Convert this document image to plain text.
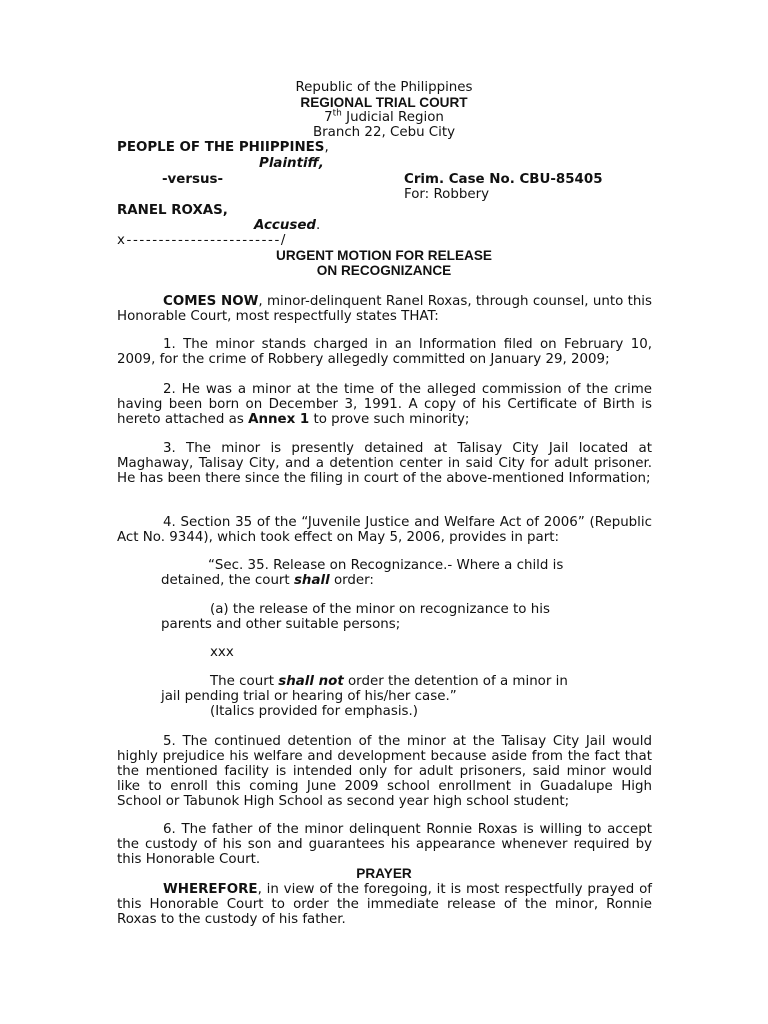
Republic of the Philippines
REGIONAL TRIAL COURT
7th Judicial Region
Branch 22, Cebu City
PEOPLE OF THE PHIIPPINES,
Plaintiff,
-versus-	Crim. Case No. CBU-85405
For: Robbery
RANEL ROXAS,
Accused.
x------------------------/
URGENT MOTION FOR RELEASE
ON RECOGNIZANCE
COMES NOW, minor-delinquent Ranel Roxas, through counsel, unto this Honorable Court, most respectfully states THAT:
1. The minor stands charged in an Information filed on February 10, 2009, for the crime of Robbery allegedly committed on January 29, 2009;
2. He was a minor at the time of the alleged commission of the crime having been born on December 3, 1991. A copy of his Certificate of Birth is hereto attached as Annex 1 to prove such minority;
3. The minor is presently detained at Talisay City Jail located at Maghaway, Talisay City, and a detention center in said City for adult prisoner. He has been there since the filing in court of the above-mentioned Information;
4. Section 35 of the “Juvenile Justice and Welfare Act of 2006” (Republic Act No. 9344), which took effect on May 5, 2006, provides in part:
“Sec. 35. Release on Recognizance.- Where a child is
detained, the court shall order:
(a) the release of the minor on recognizance to his
parents and other suitable persons;
xxx
The court shall not order the detention of a minor in
jail pending trial or hearing of his/her case.”
(Italics provided for emphasis.)
5. The continued detention of the minor at the Talisay City Jail would highly prejudice his welfare and development because aside from the fact that the mentioned facility is intended only for adult prisoners, said minor would like to enroll this coming June 2009 school enrollment in Guadalupe High School or Tabunok High School as second year high school student;
6. The father of the minor delinquent Ronnie Roxas is willing to accept the custody of his son and guarantees his appearance whenever required by this Honorable Court.
PRAYER
WHEREFORE, in view of the foregoing, it is most respectfully prayed of this Honorable Court to order the immediate release of the minor, Ronnie Roxas to the custody of his father.
